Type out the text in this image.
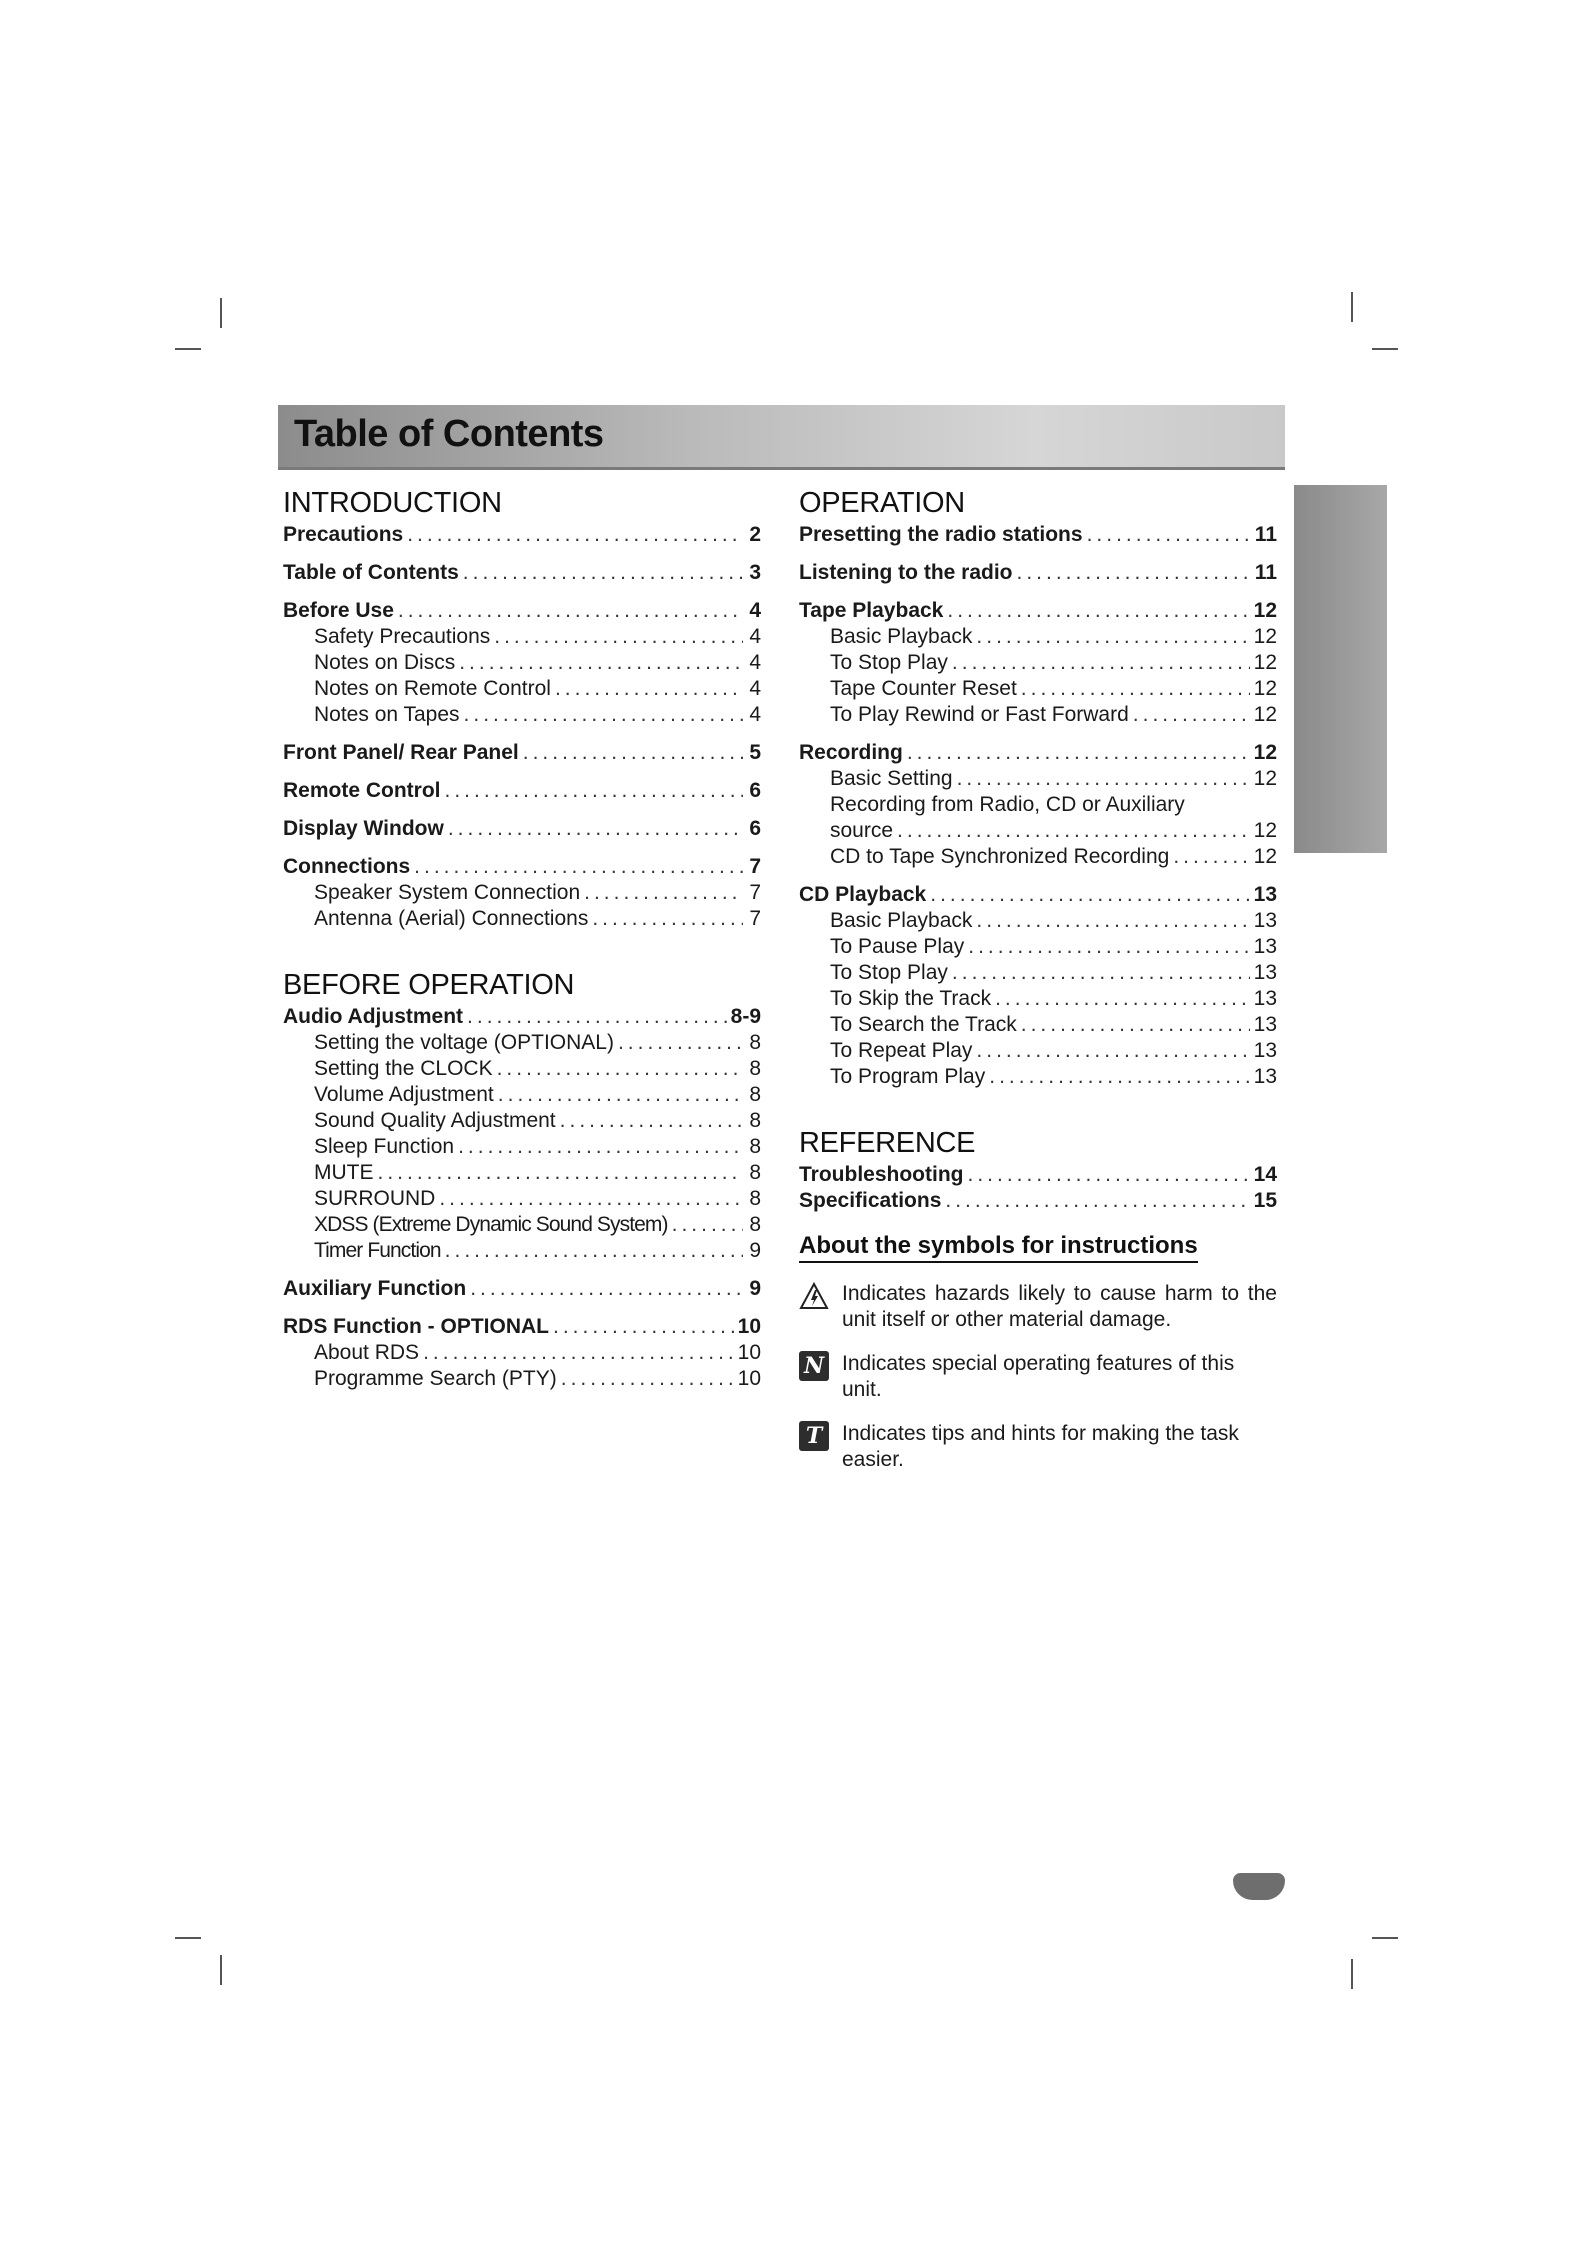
Table of Contents
INTRODUCTION
Precautions .....	2
Table of Contents .....	3
Before Use .....	4
Safety Precautions .....	4
Notes on Discs .....	4
Notes on Remote Control .....	4
Notes on Tapes .....	4
Front Panel/ Rear Panel .....	5
Remote Control .....	6
Display Window .....	6
Connections .....	7
Speaker System Connection .....	7
Antenna (Aerial) Connections .....	7
BEFORE OPERATION
Audio Adjustment .....	8-9
Setting the voltage (OPTIONAL) .....	8
Setting the CLOCK .....	8
Volume Adjustment .....	8
Sound Quality Adjustment .....	8
Sleep Function .....	8
MUTE .....	8
SURROUND .....	8
XDSS (Extreme Dynamic Sound System) .....	8
Timer Function .....	9
Auxiliary Function .....	9
RDS Function - OPTIONAL .....	10
About RDS .....	10
Programme Search (PTY) .....	10
OPERATION
Presetting the radio stations .....	11
Listening to the radio .....	11
Tape Playback .....	12
Basic Playback .....	12
To Stop Play .....	12
Tape Counter Reset .....	12
To Play Rewind or Fast Forward .....	12
Recording .....	12
Basic Setting .....	12
Recording from Radio, CD or Auxiliary
source .....	12
CD to Tape Synchronized Recording .....	12
CD Playback .....	13
Basic Playback .....	13
To Pause Play .....	13
To Stop Play .....	13
To Skip the Track .....	13
To Search the Track .....	13
To Repeat Play .....	13
To Program Play .....	13
REFERENCE
Troubleshooting .....	14
Specifications .....	15
About the symbols for instructions
Indicates hazards likely to cause harm to the unit itself or other material damage.
N Indicates special operating features of this unit.
T Indicates tips and hints for making the task easier.
